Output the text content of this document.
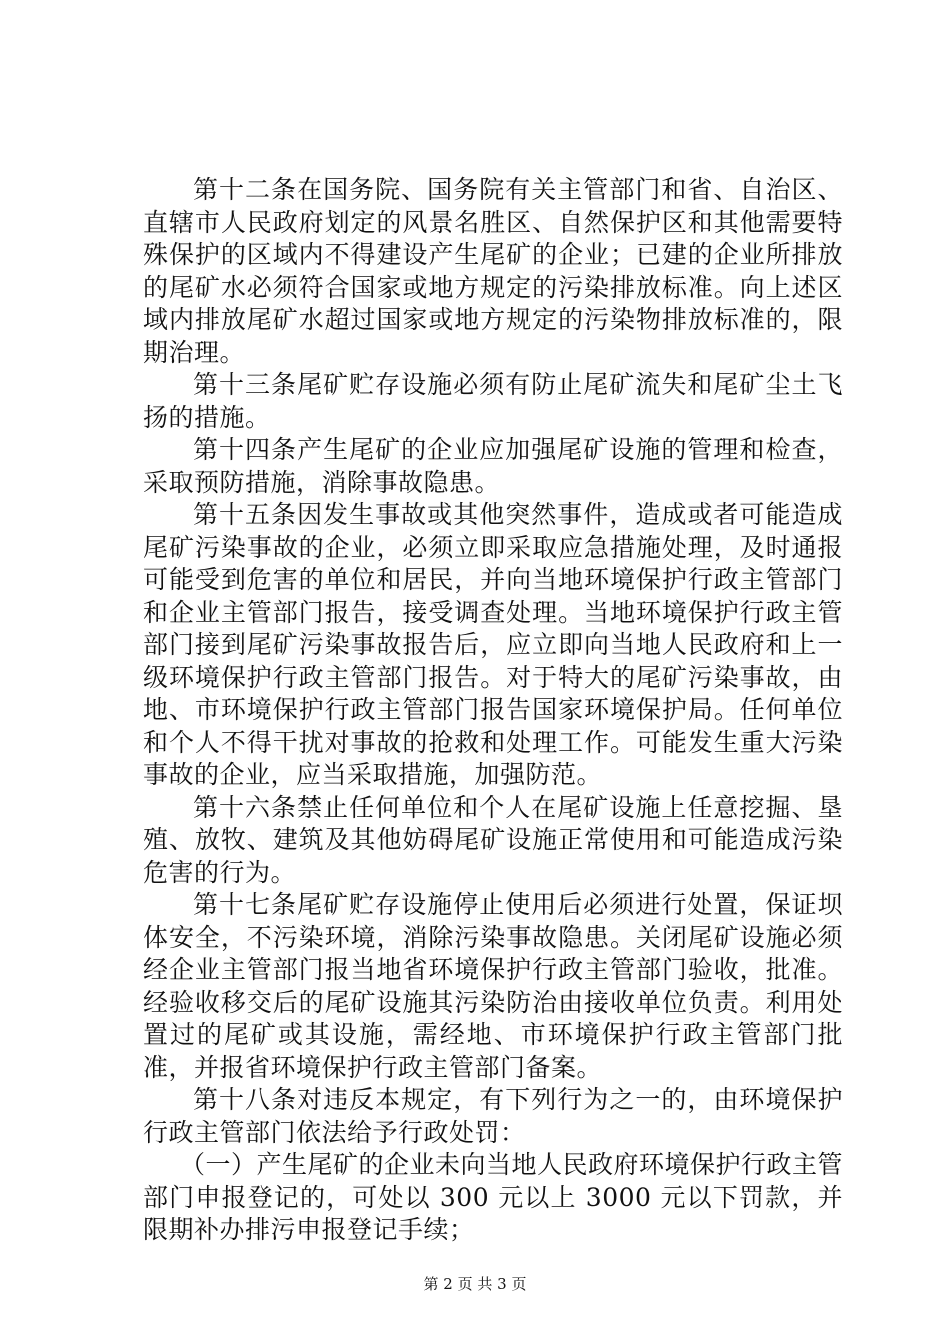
第十二条在国务院、国务院有关主管部门和省、自治区、直辖市人民政府划定的风景名胜区、自然保护区和其他需要特殊保护的区域内不得建设产生尾矿的企业；已建的企业所排放的尾矿水必须符合国家或地方规定的污染排放标准。向上述区域内排放尾矿水超过国家或地方规定的污染物排放标准的，限期治理。

第十三条尾矿贮存设施必须有防止尾矿流失和尾矿尘土飞扬的措施。

第十四条产生尾矿的企业应加强尾矿设施的管理和检查，采取预防措施，消除事故隐患。

第十五条因发生事故或其他突然事件，造成或者可能造成尾矿污染事故的企业，必须立即采取应急措施处理，及时通报可能受到危害的单位和居民，并向当地环境保护行政主管部门和企业主管部门报告，接受调查处理。当地环境保护行政主管部门接到尾矿污染事故报告后，应立即向当地人民政府和上一级环境保护行政主管部门报告。对于特大的尾矿污染事故，由地、市环境保护行政主管部门报告国家环境保护局。任何单位和个人不得干扰对事故的抢救和处理工作。可能发生重大污染事故的企业，应当采取措施，加强防范。

第十六条禁止任何单位和个人在尾矿设施上任意挖掘、垦殖、放牧、建筑及其他妨碍尾矿设施正常使用和可能造成污染危害的行为。

第十七条尾矿贮存设施停止使用后必须进行处置，保证坝体安全，不污染环境，消除污染事故隐患。关闭尾矿设施必须经企业主管部门报当地省环境保护行政主管部门验收，批准。经验收移交后的尾矿设施其污染防治由接收单位负责。利用处置过的尾矿或其设施，需经地、市环境保护行政主管部门批准，并报省环境保护行政主管部门备案。

第十八条对违反本规定，有下列行为之一的，由环境保护行政主管部门依法给予行政处罚：

（一）产生尾矿的企业未向当地人民政府环境保护行政主管部门申报登记的，可处以 300 元以上 3000 元以下罚款，并限期补办排污申报登记手续；

第 2 页 共 3 页
